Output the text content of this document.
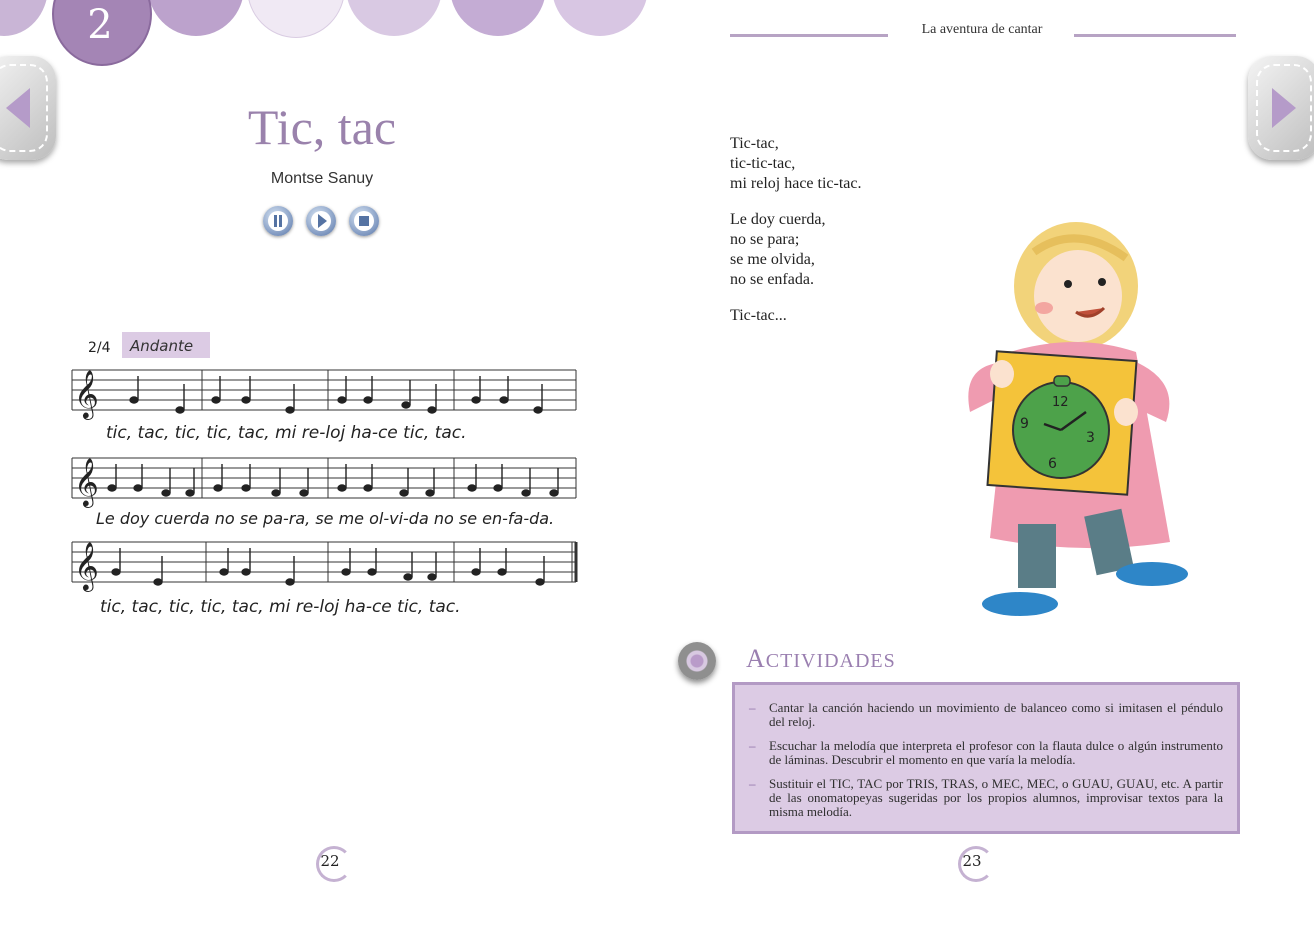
2
Tic, tac
Montse Sanuy
2/4 Andante
𝄞
tic, tac, tic, tic, tac, mi re-loj ha-ce tic, tac.
𝄞
Le doy cuerda no se pa-ra, se me ol-vi-da no se en-fa-da.
𝄞
tic, tac, tic, tic, tac, mi re-loj ha-ce tic, tac.
22
La aventura de cantar
Tic-tac,
tic-tic-tac,
mi reloj hace tic-tac.
Le doy cuerda,
no se para;
se me olvida,
no se enfada.
Tic-tac...
12
3
6
9
ACTIVIDADES
– Cantar la canción haciendo un movimiento de balanceo como si imitasen el péndulo del reloj.
– Escuchar la melodía que interpreta el profesor con la flauta dulce o algún instrumento de láminas. Descubrir el momento en que varía la melodía.
– Sustituir el TIC, TAC por TRIS, TRAS, o MEC, MEC, o GUAU, GUAU, etc. A partir de las onomatopeyas sugeridas por los propios alumnos, improvisar textos para la misma melodía.
23
